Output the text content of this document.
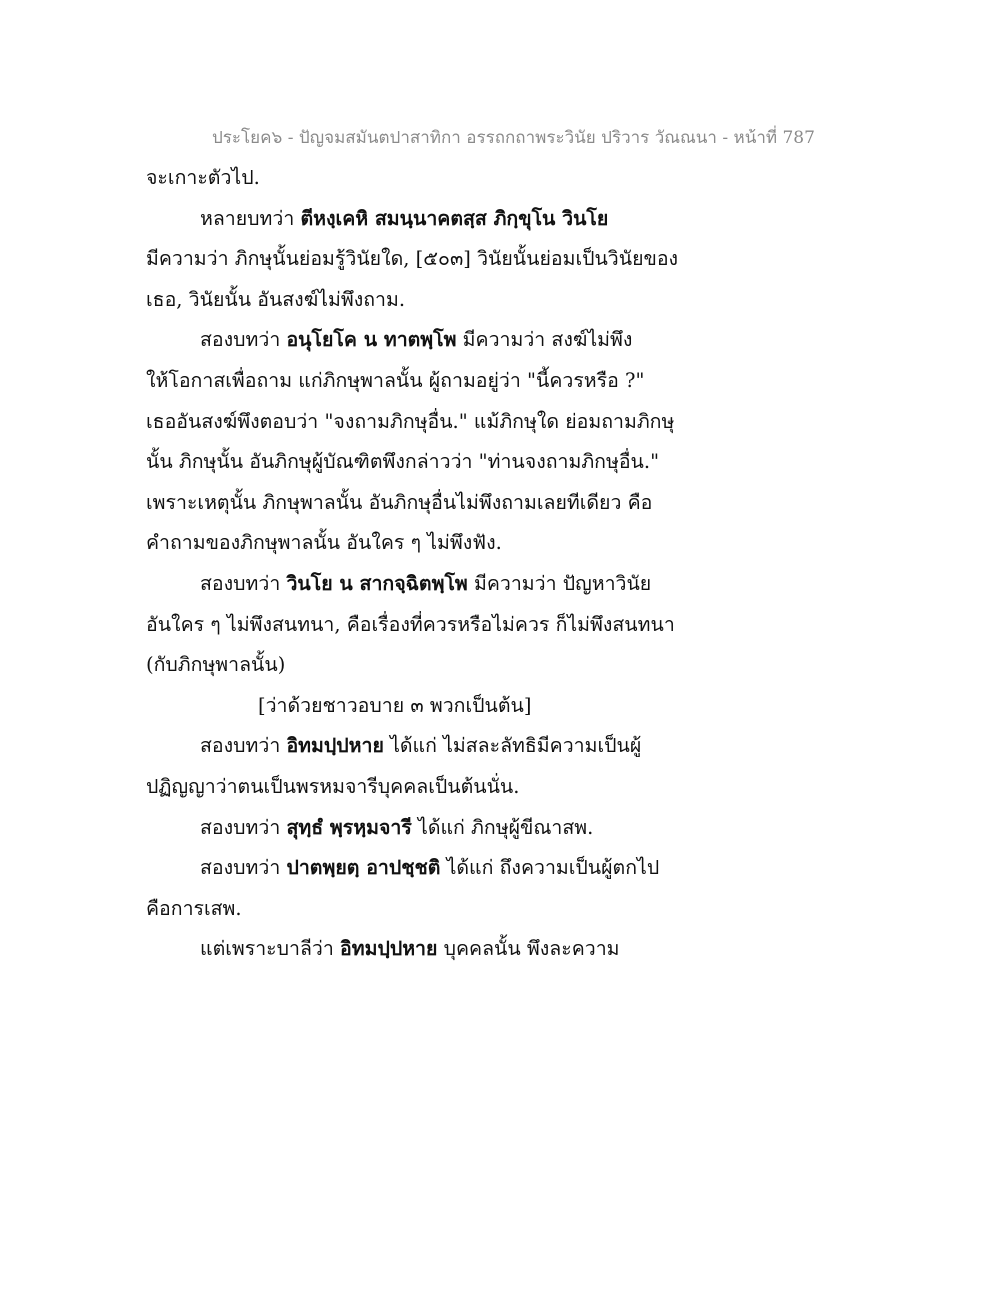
ประโยค๖ - ปัญจมสมันตปาสาทิกา อรรถกถาพระวินัย ปริวาร วัณณนา - หน้าที่ 787
จะเกาะตัวไป.
หลายบทว่า ตีหงฺเคหิ สมนฺนาคตสฺส ภิกฺขุโน วินโย
มีความว่า ภิกษุนั้นย่อมรู้วินัยใด, [๕๐๓] วินัยนั้นย่อมเป็นวินัยของ
เธอ, วินัยนั้น อันสงฆ์ไม่พึงถาม.
สองบทว่า อนุโยโค น ทาตพฺโพ มีความว่า สงฆ์ไม่พึง
ให้โอกาสเพื่อถาม แก่ภิกษุพาลนั้น ผู้ถามอยู่ว่า "นี้ควรหรือ ?"
เธออันสงฆ์พึงตอบว่า "จงถามภิกษุอื่น." แม้ภิกษุใด ย่อมถามภิกษุ
นั้น ภิกษุนั้น อันภิกษุผู้บัณฑิตพึงกล่าวว่า "ท่านจงถามภิกษุอื่น."
เพราะเหตุนั้น ภิกษุพาลนั้น อันภิกษุอื่นไม่พึงถามเลยทีเดียว คือ
คำถามของภิกษุพาลนั้น อันใคร ๆ ไม่พึงฟัง.
สองบทว่า วินโย น สากจฺฉิตพฺโพ มีความว่า ปัญหาวินัย
อันใคร ๆ ไม่พึงสนทนา, คือเรื่องที่ควรหรือไม่ควร ก็ไม่พึงสนทนา
(กับภิกษุพาลนั้น)
[ว่าด้วยชาวอบาย ๓ พวกเป็นต้น]
สองบทว่า อิทมปฺปหาย ได้แก่ ไม่สละลัทธิมีความเป็นผู้
ปฏิญญาว่าตนเป็นพรหมจารีบุคคลเป็นต้นนั่น.
สองบทว่า สุทฺธํ พฺรหฺมจารี ได้แก่ ภิกษุผู้ขีณาสพ.
สองบทว่า ปาตพฺยตฺ อาปชฺชติ ได้แก่ ถึงความเป็นผู้ตกไป
คือการเสพ.
แต่เพราะบาลีว่า อิทมปฺปหาย บุคคลนั้น พึงละความ
